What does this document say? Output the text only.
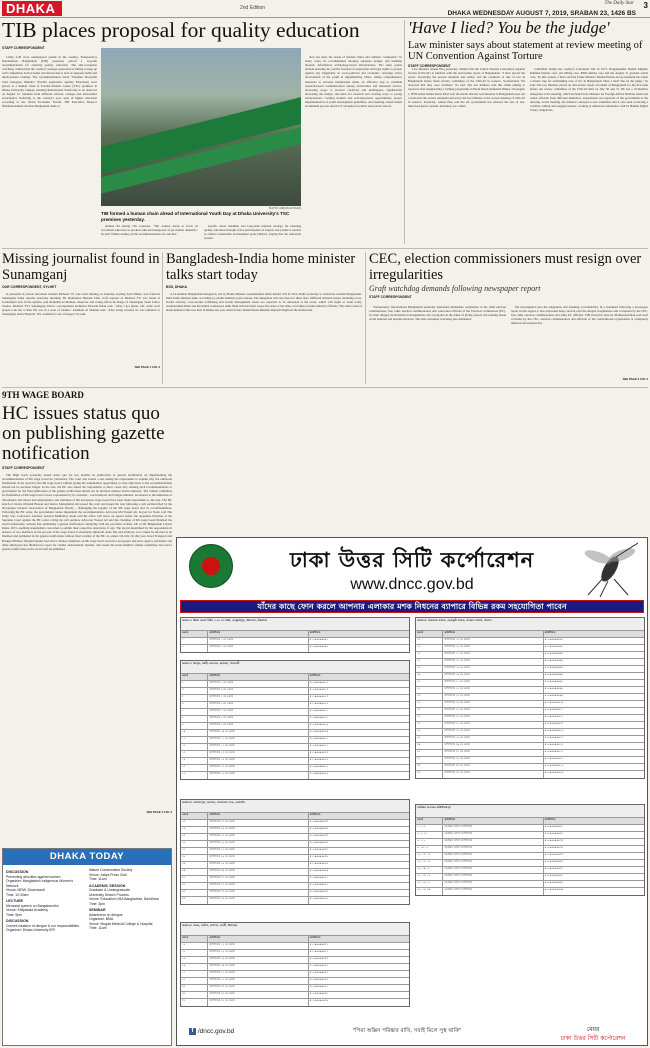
DHAKA	2nd Edition
The Daily Star 3
DHAKA WEDNESDAY AUGUST 7, 2019, SRABAN 23, 1426 BS
TIB places proposal for quality education
STAFF CORRESPONDENT

Citing 2.28 crore unemployed youths in the country, Transparency International Bangladesh (TIB) yesterday placed a 12-point recommendation for ensuring quality education. The anti-corruption watchdog claimed that the country's younger generation is failing to keep up with competition both at home and abroad due to lack of adequate skills and much-needed training. The recommendations titled "Tarunner Protyasha Chai Gunogoto Shiksha" (Youth's Aspiration: Quality Education) were placed at a human chain at Teacher-Student Centre (TSC) premises in Dhaka University campus, marking International Youth Day to be observed on August 12. Students from different schools, colleges and universities participated. Referring to the country's poor state of higher education according to the World Economic Forum, TIB Executive Director Iftekharuzzaman said that Bangladesh ranks at

does not meet the needs of modern times and remains "outmoded." In many cases, he recommended allotting adequate budget, and building modern, information technology-based infrastructure. The other points include ensuring the youth's freedom of expression and legal rights to protest against any irregularity in socio-political and economic, ensuring active involvement of the youth in implementing SDGs, taking comprehensive measures to increase institutional skills, an effective step to establish research-based communication among universities and industrial sectors, increasing scope to practice creativity and intelligence, significantly increasing the budget allocation for research and creating ways to young entrepreneurs, creating modern and self-expression opportunities, proper implementation of youth development guidelines, and ensuring a merit-based recruitment process devoid of corruption in public and private sectors.

PHOTO: AMRAN HOSSAIN
TIB formed a human chain ahead of International Youth Day at Dhaka University's TSC premises yesterday.

number 84 among 136 countries. "The country needs to focus on vocational education to produce educated manpower as per market demands," he said. While reading out the recommendations, he said that

specific short, medium, and long-term national strategy for ensuring quality education through active participation of experts and youths is needed to achieve sustainable development goals (SDGs). Saying that the education system

'Have I lied? You be the judge'
Law minister says about statement at review meeting of UN Convention Against Torture
STAFF CORRESPONDENT

Law Minister Anisul Huq yesterday claimed that the United Nations Convention Against Torture (UNCAT) is satisfied with the anti-torture report of Bangladesh. "I have placed the report, describing the present situation and reality, and the condition of rule of law in Bangladesh before them [review committee of the UNCAT in Geneva, Switzerland]. We observed that they were satisfied," he said. The law minister said this while talking to reporters after inaugurating a training programme at Hotel InterContinental Dhaka. On August 1, BNP leader Ruhul Kabir Rizvi told the media that the real situation in Bangladesh does not corroborate the torture statement placed by the law minister at the review meeting of UNCAT in Geneva. Yesterday, Anisul Huq said the AL government has ensured the rule of law, improved justice system, including war crimes

committed during the country's Liberation War in 1971, Bangabandhu Sheikh Mujibur Rahman murder case, jail killing case, BDR mutiny case and the August 21 grenade attack case. "In this context, I have said the Prime Minister Sheikh Hasina-led government has taken a drastic step for establishing rule of law in Bangladesh. Have I lied? You be the judge," he said. The law minister placed an anti-torture report on behalf of Bangladesh for the first time before the review committee of the UNCAT held on July 30 and 31. He led a 19-member delegation at the meeting, which included State Minister for Foreign Affairs Shahriar Alam and senior officials from different ministries, departments and agencies of the government at the meeting. At the meeting, the minister conveyed to the committee that it can count on having a credible, willing and engaged partner, working at enhanced compliance with its Human Rights Treaty obligations.

Missing journalist found in Sunamganj
OUR CORRESPONDENT, SYLHET

A journalist of private television channel Mohona TV, who went missing on Saturday evening from Dhaka, was found in Sunamganj Sadar upazila yesterday morning. He mentioned Hussain Jahir, staff reporter of Mohona TV, was found at Gobindapur area in the upazila, said Abdullah Al Mamun, inspector and acting officer-in-charge of Sunamganj Sadar Police Station. Mohona TV's Sunamganj district correspondent Kohinoor Hossain Khan said: "After I got phone call, some local people took me to him. He was in a state of trauma." Abdullah Al Mamun said, "After being rescued, he was admitted to Sunamganj Sadar Hospital. The condition is out of danger," he said.

SEE PAGE 4 COL 3
Bangladesh-India home minister talks start today
BSS, DHAKA

A 14-member Bangladesh delegation, led by Home Minister Asaduzzaman Khan Kamal, left for New Delhi yesterday to attend the seventh Bangladesh-India home minister talks, according to a home ministry press release. The delegation will stay there for three days. Different bilateral issues, including cross-border security, cross-border trafficking and border management issues are expected to be discussed at the event, which will begin at 11am today. Asaduzzaman Khan and his Indian counterpart Amit Shah will lead their respective sides at the talks, according to home ministry officials. The sixth round of home minister talks was held in Dhaka last year when former Indian Home Minister Rajnath Singh led the Indian side.

CEC, election commissioners must resign over irregularities
Graft watchdog demands following newspaper report
STAFF CORRESPONDENT

Transparency International Bangladesh yesterday demanded immediate resignation of the chief election commissioner, four other election commissioners and concerned officials of the Election Commission (EC), for their alleged involvement in irregularities and corruption in the name of giving speech and training ahead of the national and upazila elections. The anti-corruption watchdog also demanded

fair investigation into the allegations and ensuring accountability. In a statement following a newspaper report in this regard, it also expressed deep concern over the alleged irregularities and corruption by the CEC, four other election commissioners and other EC officials. TIB executive director Iftekharuzzaman said such activities by the CEC, election commissioners and officials of the constitutional organisation is completely immoral and unexpected.

SEE PAGE 2 COL 2
9TH WAGE BOARD
HC issues status quo on publishing gazette notification
STAFF CORRESPONDENT

The High Court yesterday issued status quo for two months on publication of gazette notification on implementing the recommendations of 9th wage board for journalists. The court also issued a rule asking the respondents to explain why the unilateral finalisation of the award by the 9th wage board without giving the stakeholders opportunity to raise objections to the recommendations should not be declared illegal. In the rule, the HC also asked the respondents to show cause why sending such recommendations to government for the final publication of the gazette notification should not be declared without lawful authority. The cabinet committee for finalisation of 9th wage board award, represented by its convener - road transport and bridges minister, secretaries to the ministries of information and labour and employment, and chairman of 9th newspaper wage board have been made respondents to the rule. The HC bench of Justice Obaidul Hassan and Justice Mohammad Ali passed the order and issued the rule following a writ petition filed by the Newspaper Owners' Association of Bangladesh (Noab) - challenging the legality of the 9th wage board and its recommendation. Following the HC order, the government cannot implement the recommendation, Advocate Md Yousuf Ali, lawyer for Noab, told The Daily Star. Contacted, Attorney General Mahbubey Alam said his office will move an appeal before the Appellate Division of the Supreme Court against the HC order. Citing the writ petition, Advocate Yousuf Ali said the chairman of 9th wage board finalised the award unilaterally, without first publishing a gazette notification complying with the provision of Rule 12b of the Bangladesh Labour Rules, 2015, enabling stakeholders concerned to submit their respective objections, if any. The award determined by the respondents in absence of two members in the process of the wage board is absolutely unilateral, mala fide and arbitrary, so it cannot be allowed to be finalised and published in the gazette notification without final scrutiny of the HC, he added. On July 29, this year, Road Transport and Bridges Minister Obaidul Quader had said a cabinet committee on 9th wage board award for newspaper and news agency journalists and other employees has finalised its report for cabinet endorsement. Quader, who heads the seven-member cabinet committee, had said a gazette notification on the award will be published

SEE PAGE 4 COL 2
ঢাকা উত্তর সিটি কর্পোরেশন
www.dncc.gov.bd
যাঁদের কাছে ফোন করলে আপনার এলাকার মশক নিধনের ব্যাপারে বিভিন্ন রকম সহযোগিতা পাবেন
অঞ্চল-১: উত্তরা মডেল টাউন ১-১৪ নং সেক্টর, আব্দুল্লাহপুর, দক্ষিণখান, উত্তরখান
ওয়ার্ড	কাউন্সিলর	কাউন্সিলর
১	কাউন্সিলর ১ নং ওয়ার্ড	০১৭০০০০০০০১
২	কাউন্সিলর ২ নং ওয়ার্ড	০১৭০০০০০০০২
অঞ্চল-২: মিরপুর, পল্লবী, রূপনগর, কাফরুল, শাহআলী
ওয়ার্ড	কাউন্সিলর	কাউন্সিলর
২	কাউন্সিলর ২ নং ওয়ার্ড	০১৭০০০০০০১২
৩	কাউন্সিলর ৩ নং ওয়ার্ড	০১৭০০০০০০১৩
৫	কাউন্সিলর ৫ নং ওয়ার্ড	০১৭০০০০০০১৫
৬	কাউন্সিলর ৬ নং ওয়ার্ড	০১৭০০০০০০১৬
৭	কাউন্সিলর ৭ নং ওয়ার্ড	০১৭০০০০০০১৭
৮	কাউন্সিলর ৮ নং ওয়ার্ড	০১৭০০০০০০১৮
৯	কাউন্সিলর ৯ নং ওয়ার্ড	০১৭০০০০০০১৯
১০	কাউন্সিলর ১০ নং ওয়ার্ড	০১৭০০০০০০২০
১১	কাউন্সিলর ১১ নং ওয়ার্ড	০১৭০০০০০০২১
১২	কাউন্সিলর ১২ নং ওয়ার্ড	০১৭০০০০০০২২
১৩	কাউন্সিলর ১৩ নং ওয়ার্ড	০১৭০০০০০০২৩
১৪	কাউন্সিলর ১৪ নং ওয়ার্ড	০১৭০০০০০০২৪
১৫	কাউন্সিলর ১৫ নং ওয়ার্ড	০১৭০০০০০০২৫
১৬	কাউন্সিলর ১৬ নং ওয়ার্ড	০১৭০০০০০০২৬
অঞ্চল-৩: মোহাম্মদপুর, আদাবর, শেরেবাংলা নগর, তেজগাঁও
ওয়ার্ড	কাউন্সিলর	কাউন্সিলর
২৩	কাউন্সিলর ২৩ নং ওয়ার্ড	০১৭০০০০০০৩৩
২৪	কাউন্সিলর ২৪ নং ওয়ার্ড	০১৭০০০০০০৩৪
২৫	কাউন্সিলর ২৫ নং ওয়ার্ড	০১৭০০০০০০৩৫
২৬	কাউন্সিলর ২৬ নং ওয়ার্ড	০১৭০০০০০০৩৬
২৭	কাউন্সিলর ২৭ নং ওয়ার্ড	০১৭০০০০০০৩৭
২৮	কাউন্সিলর ২৮ নং ওয়ার্ড	০১৭০০০০০০৩৮
২৯	কাউন্সিলর ২৯ নং ওয়ার্ড	০১৭০০০০০০৩৯
৩০	কাউন্সিলর ৩০ নং ওয়ার্ড	০১৭০০০০০০৪০
৩১	কাউন্সিলর ৩১ নং ওয়ার্ড	০১৭০০০০০০৪১
৩২	কাউন্সিলর ৩২ নং ওয়ার্ড	০১৭০০০০০০৪২
৩৩	কাউন্সিলর ৩৩ নং ওয়ার্ড	০১৭০০০০০০৪৩
৩৪	কাউন্সিলর ৩৪ নং ওয়ার্ড	০১৭০০০০০০৪৪
অঞ্চল-৪: বাড্ডা, ভাটারা, গুলশান, বনানী, খিলক্ষেত
ওয়ার্ড	কাউন্সিলর	কাউন্সিলর
১৭	কাউন্সিলর ১৭ নং ওয়ার্ড	০১৭০০০০০০৫১
১৮	কাউন্সিলর ১৮ নং ওয়ার্ড	০১৭০০০০০০৫২
১৯	কাউন্সিলর ১৯ নং ওয়ার্ড	০১৭০০০০০০৫৩
২০	কাউন্সিলর ২০ নং ওয়ার্ড	০১৭০০০০০০৫৪
২১	কাউন্সিলর ২১ নং ওয়ার্ড	০১৭০০০০০০৫৫
২২	কাউন্সিলর ২২ নং ওয়ার্ড	০১৭০০০০০০৫৬
৩৫	কাউন্সিলর ৩৫ নং ওয়ার্ড	০১৭০০০০০০৫৭
৩৬	কাউন্সিলর ৩৬ নং ওয়ার্ড	০১৭০০০০০০৫৮
৩৭	কাউন্সিলর ৩৭ নং ওয়ার্ড	০১৭০০০০০০৫৯
অঞ্চল-৫: কারওয়ান বাজার, তেজতুরী বাজার, কাওরান বাজার, শাহবাগ
ওয়ার্ড	কাউন্সিলর	কাউন্সিলর
১৫	কাউন্সিলর ১৫ নং ওয়ার্ড	০১৮০০০০০০০১
১৬	কাউন্সিলর ১৬ নং ওয়ার্ড	০১৮০০০০০০০২
১৭	কাউন্সিলর ১৭ নং ওয়ার্ড	০১৮০০০০০০০৩
১৮	কাউন্সিলর ১৮ নং ওয়ার্ড	০১৮০০০০০০০৪
১৯	কাউন্সিলর ১৯ নং ওয়ার্ড	০১৮০০০০০০০৫
২০	কাউন্সিলর ২০ নং ওয়ার্ড	০১৮০০০০০০০৬
২১	কাউন্সিলর ২১ নং ওয়ার্ড	০১৮০০০০০০০৭
২২	কাউন্সিলর ২২ নং ওয়ার্ড	০১৮০০০০০০০৮
২৩	কাউন্সিলর ২৩ নং ওয়ার্ড	০১৮০০০০০০০৯
২৪	কাউন্সিলর ২৪ নং ওয়ার্ড	০১৮০০০০০০১০
২৫	কাউন্সিলর ২৫ নং ওয়ার্ড	০১৮০০০০০০১১
২৬	কাউন্সিলর ২৬ নং ওয়ার্ড	০১৮০০০০০০১২
২৭	কাউন্সিলর ২৭ নং ওয়ার্ড	০১৮০০০০০০১৩
২৮	কাউন্সিলর ২৮ নং ওয়ার্ড	০১৮০০০০০০১৪
২৯	কাউন্সিলর ২৯ নং ওয়ার্ড	০১৮০০০০০০১৫
৩০	কাউন্সিলর ৩০ নং ওয়ার্ড	০১৮০০০০০০১৬
৩১	কাউন্সিলর ৩১ নং ওয়ার্ড	০১৮০০০০০০১৭
৩২	কাউন্সিলর ৩২ নং ওয়ার্ড	০১৮০০০০০০১৮
৩৩	কাউন্সিলর ৩৩ নং ওয়ার্ড	০১৮০০০০০০১৯
৩৪	কাউন্সিলর ৩৪ নং ওয়ার্ড	০১৮০০০০০০২০
সংরক্ষিত আসনের কাউন্সিলরবৃন্দ
ওয়ার্ড	কাউন্সিলর	কাউন্সিলর
১, ২, ৩	সংরক্ষিত মহিলা কাউন্সিলর	০১৮০০০০০০৩১
৪, ৫, ১৫	সংরক্ষিত মহিলা কাউন্সিলর	০১৮০০০০০০৩২
৬, ৭, ৮	সংরক্ষিত মহিলা কাউন্সিলর	০১৮০০০০০০৩৩
৯, ১০, ১১	সংরক্ষিত মহিলা কাউন্সিলর	০১৮০০০০০০৩৪
১২, ১৩, ১৪	সংরক্ষিত মহিলা কাউন্সিলর	০১৮০০০০০০৩৫
১৬, ১৭, ১৮	সংরক্ষিত মহিলা কাউন্সিলর	০১৮০০০০০০৩৬
১৯, ২০, ২১	সংরক্ষিত মহিলা কাউন্সিলর	০১৮০০০০০০৩৭
২২, ২৩, ২৪	সংরক্ষিত মহিলা কাউন্সিলর	০১৮০০০০০০৩৮
২৫, ২৬, ২৭	সংরক্ষিত মহিলা কাউন্সিলর	০১৮০০০০০০৩৯
২৮, ২৯, ৩০	সংরক্ষিত মহিলা কাউন্সিলর	০১৮০০০০০০৪০
f /dncc.gov.bd	"পিরা অক্সিন পরিষ্কার রাখি, সবাই মিলে সুস্থ থাকি"	মেয়র
ঢাকা উত্তর সিটি কর্পোরেশন
DHAKA TODAY
DISCUSSION
Preventing atrocities against women
Organiser: Bangladesh Indigenous Women's Network
Venue: MRW, Dhanmondi
Time: 10:30am
LECTURE
Memorial speech on Bangabandhu
Venue: Shilpakala Academy
Time: 5pm
DISCUSSION
Current situation of dengue & our responsibilities
Organiser: Dhaka University IER
Nature Conservation Society
Venue: Jatiya Press Club
Time: 11am
ACADEMIC SESSION
Graduate & Undergraduate
University Search Process
Venue: Education USA Bangladesh, Baridhara
Time: 3pm
SEMINAR
Awareness on dengue
Organiser: BMA
Venue: Mugda Medical College & Hospital
Time: 11am
